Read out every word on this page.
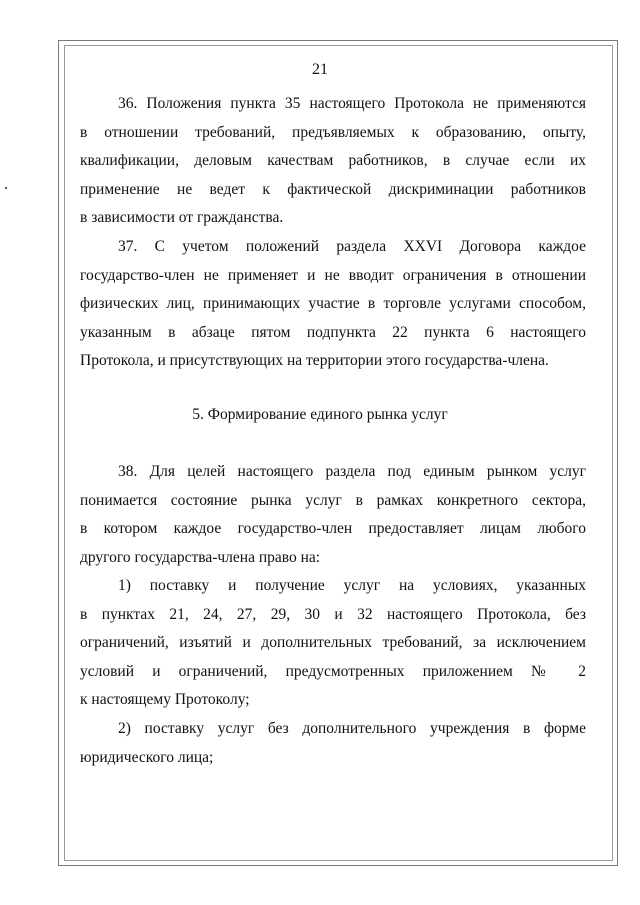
21

36. Положения пункта 35 настоящего Протокола не применяются
в отношении требований, предъявляемых к образованию, опыту,
квалификации, деловым качествам работников, в случае если их
применение не ведет к фактической дискриминации работников
в зависимости от гражданства.

37. С учетом положений раздела XXVI Договора каждое
государство-член не применяет и не вводит ограничения в отношении
физических лиц, принимающих участие в торговле услугами способом,
указанным в абзаце пятом подпункта 22 пункта 6 настоящего
Протокола, и присутствующих на территории этого государства-члена.

5. Формирование единого рынка услуг

38. Для целей настоящего раздела под единым рынком услуг
понимается состояние рынка услуг в рамках конкретного сектора,
в котором каждое государство-член предоставляет лицам любого
другого государства-члена право на:

1) поставку и получение услуг на условиях, указанных
в пунктах 21, 24, 27, 29, 30 и 32 настоящего Протокола, без
ограничений, изъятий и дополнительных требований, за исключением
условий и ограничений, предусмотренных приложением № 2
к настоящему Протоколу;

2) поставку услуг без дополнительного учреждения в форме
юридического лица;
